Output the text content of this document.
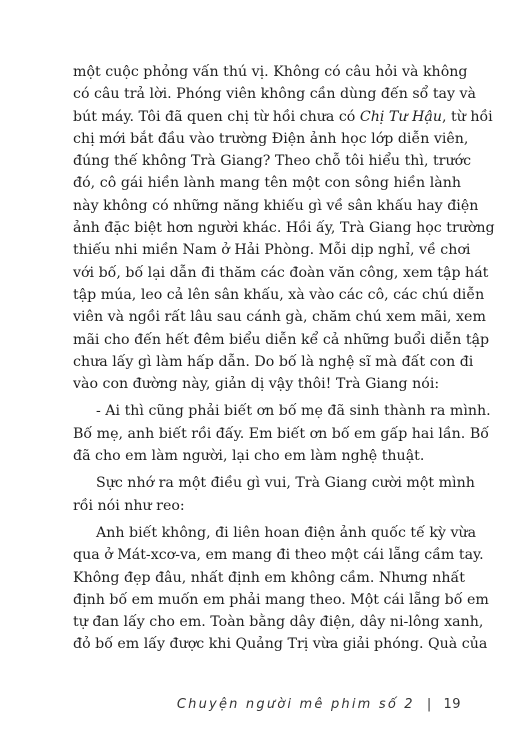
một cuộc phỏng vấn thú vị. Không có câu hỏi và không
có câu trả lời. Phóng viên không cần dùng đến sổ tay và
bút máy. Tôi đã quen chị từ hồi chưa có Chị Tư Hậu, từ hồi
chị mới bắt đầu vào trường Điện ảnh học lớp diễn viên,
đúng thế không Trà Giang? Theo chỗ tôi hiểu thì, trước
đó, cô gái hiền lành mang tên một con sông hiền lành
này không có những năng khiếu gì về sân khấu hay điện
ảnh đặc biệt hơn người khác. Hồi ấy, Trà Giang học trường
thiếu nhi miền Nam ở Hải Phòng. Mỗi dịp nghỉ, về chơi
với bố, bố lại dẫn đi thăm các đoàn văn công, xem tập hát
tập múa, leo cả lên sân khấu, xà vào các cô, các chú diễn
viên và ngồi rất lâu sau cánh gà, chăm chú xem mãi, xem
mãi cho đến hết đêm biểu diễn kể cả những buổi diễn tập
chưa lấy gì làm hấp dẫn. Do bố là nghệ sĩ mà đất con đi
vào con đường này, giản dị vậy thôi! Trà Giang nói:
- Ai thì cũng phải biết ơn bố mẹ đã sinh thành ra mình.
Bố mẹ, anh biết rồi đấy. Em biết ơn bố em gấp hai lần. Bố
đã cho em làm người, lại cho em làm nghệ thuật.
Sực nhớ ra một điều gì vui, Trà Giang cười một mình
rồi nói như reo:
Anh biết không, đi liên hoan điện ảnh quốc tế kỳ vừa
qua ở Mát-xcơ-va, em mang đi theo một cái lẵng cầm tay.
Không đẹp đâu, nhất định em không cầm. Nhưng nhất
định bố em muốn em phải mang theo. Một cái lẵng bố em
tự đan lấy cho em. Toàn bằng dây điện, dây ni-lông xanh,
đỏ bố em lấy được khi Quảng Trị vừa giải phóng. Quà của
Chuyện người mê phim số 2 | 19
